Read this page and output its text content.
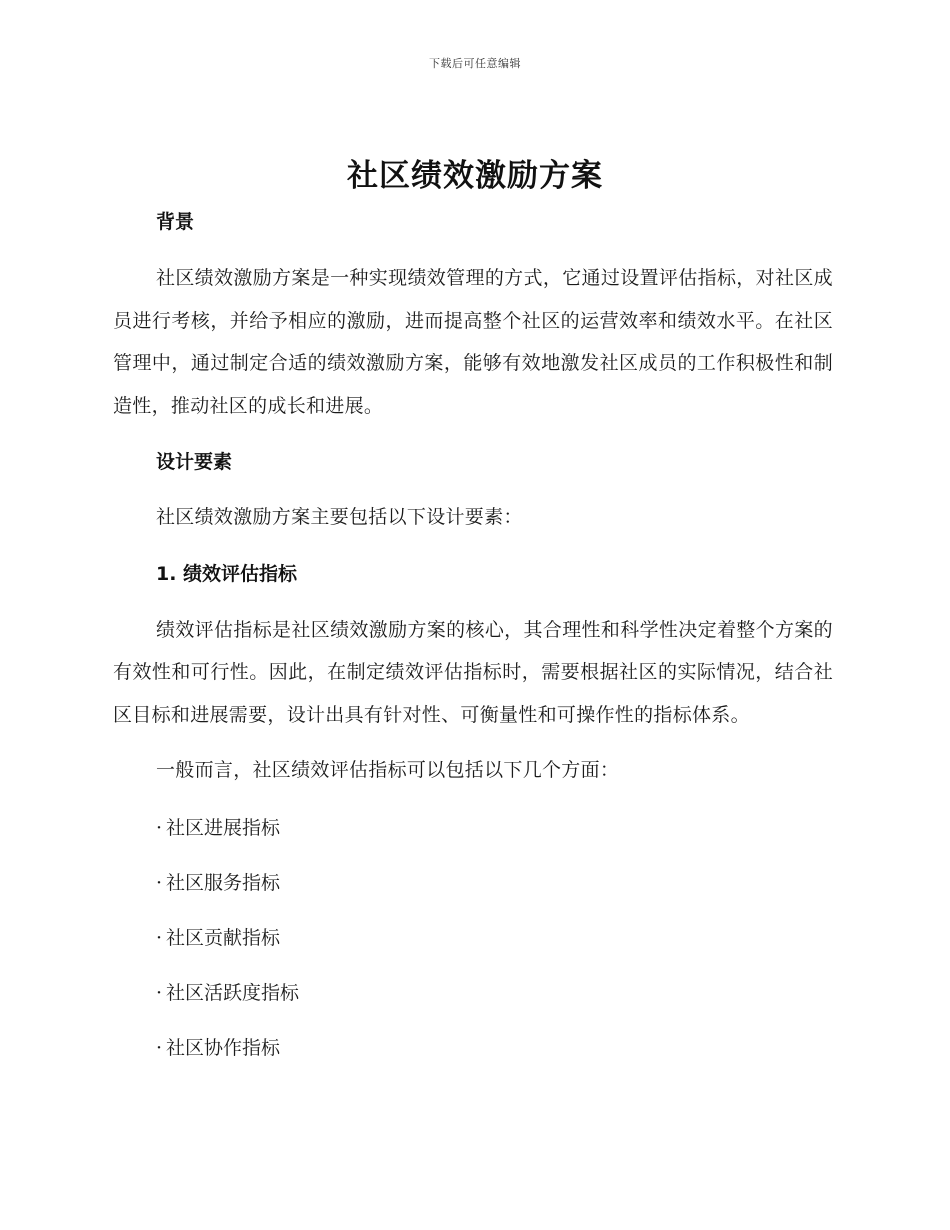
下载后可任意编辑
社区绩效激励方案
背景
社区绩效激励方案是一种实现绩效管理的方式，它通过设置评估指标，对社区成员进行考核，并给予相应的激励，进而提高整个社区的运营效率和绩效水平。在社区管理中，通过制定合适的绩效激励方案，能够有效地激发社区成员的工作积极性和制造性，推动社区的成长和进展。
设计要素
社区绩效激励方案主要包括以下设计要素：
1. 绩效评估指标
绩效评估指标是社区绩效激励方案的核心，其合理性和科学性决定着整个方案的有效性和可行性。因此，在制定绩效评估指标时，需要根据社区的实际情况，结合社区目标和进展需要，设计出具有针对性、可衡量性和可操作性的指标体系。
一般而言，社区绩效评估指标可以包括以下几个方面：
· 社区进展指标
· 社区服务指标
· 社区贡献指标
· 社区活跃度指标
· 社区协作指标
